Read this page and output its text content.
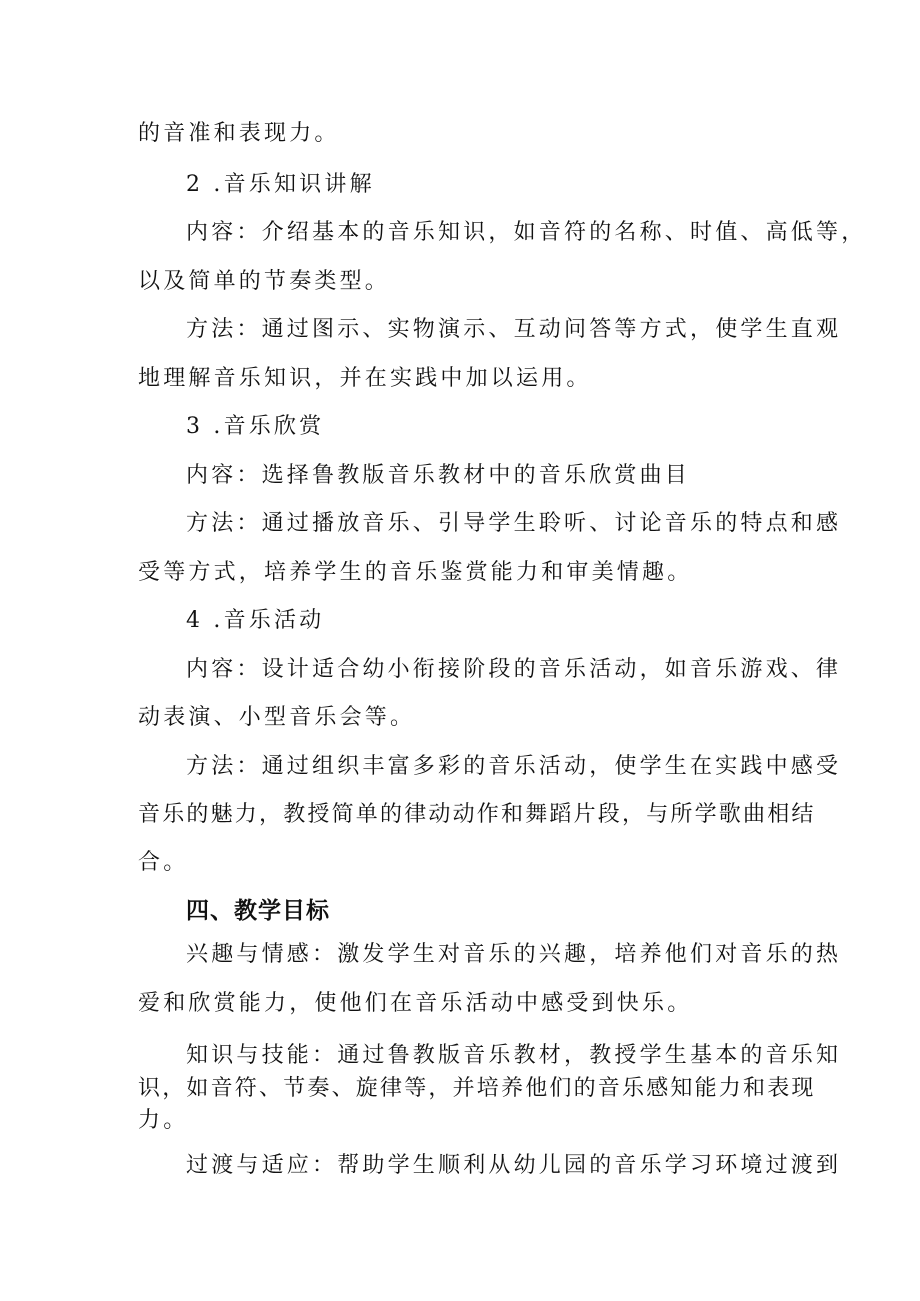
的音准和表现力。
2 .音乐知识讲解
内容：介绍基本的音乐知识，如音符的名称、时值、高低等，
以及简单的节奏类型。
方法：通过图示、实物演示、互动问答等方式，使学生直观
地理解音乐知识，并在实践中加以运用。
3 .音乐欣赏
内容：选择鲁教版音乐教材中的音乐欣赏曲目
方法：通过播放音乐、引导学生聆听、讨论音乐的特点和感
受等方式，培养学生的音乐鉴赏能力和审美情趣。
4 .音乐活动
内容：设计适合幼小衔接阶段的音乐活动，如音乐游戏、律
动表演、小型音乐会等。
方法：通过组织丰富多彩的音乐活动，使学生在实践中感受
音乐的魅力，教授简单的律动动作和舞蹈片段，与所学歌曲相结
合。
四、教学目标
兴趣与情感：激发学生对音乐的兴趣，培养他们对音乐的热
爱和欣赏能力，使他们在音乐活动中感受到快乐。
知识与技能：通过鲁教版音乐教材，教授学生基本的音乐知
识，如音符、节奏、旋律等，并培养他们的音乐感知能力和表现
力。
过渡与适应：帮助学生顺利从幼儿园的音乐学习环境过渡到
